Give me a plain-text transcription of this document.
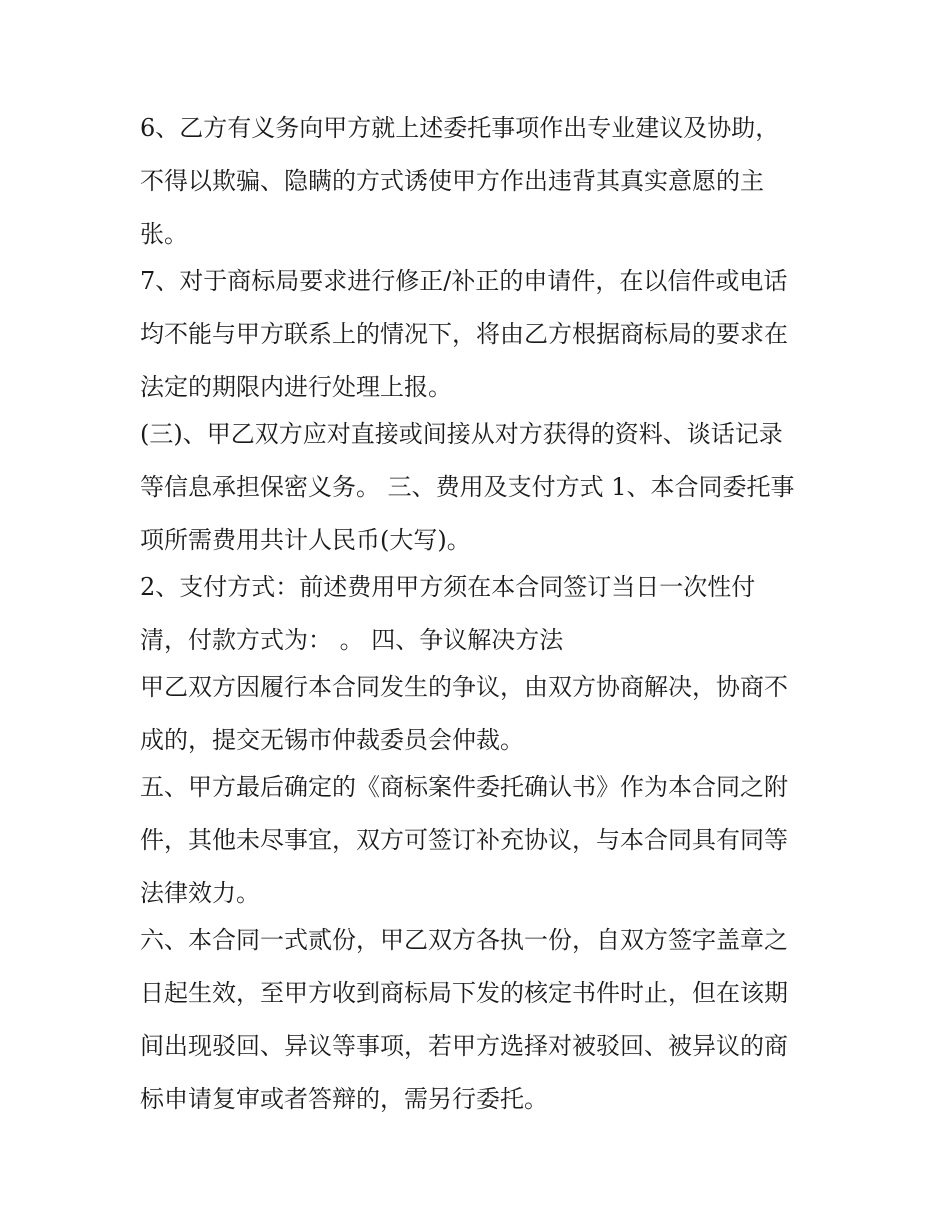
6、乙方有义务向甲方就上述委托事项作出专业建议及协助，
不得以欺骗、隐瞒的方式诱使甲方作出违背其真实意愿的主
张。
7、对于商标局要求进行修正/补正的申请件，在以信件或电话
均不能与甲方联系上的情况下，将由乙方根据商标局的要求在
法定的期限内进行处理上报。
(三)、甲乙双方应对直接或间接从对方获得的资料、谈话记录
等信息承担保密义务。 三、费用及支付方式 1、本合同委托事
项所需费用共计人民币(大写)。
2、支付方式：前述费用甲方须在本合同签订当日一次性付
清，付款方式为： 。 四、争议解决方法
甲乙双方因履行本合同发生的争议，由双方协商解决，协商不
成的，提交无锡市仲裁委员会仲裁。
五、甲方最后确定的《商标案件委托确认书》作为本合同之附
件，其他未尽事宜，双方可签订补充协议，与本合同具有同等
法律效力。
六、本合同一式贰份，甲乙双方各执一份，自双方签字盖章之
日起生效，至甲方收到商标局下发的核定书件时止，但在该期
间出现驳回、异议等事项，若甲方选择对被驳回、被异议的商
标申请复审或者答辩的，需另行委托。
